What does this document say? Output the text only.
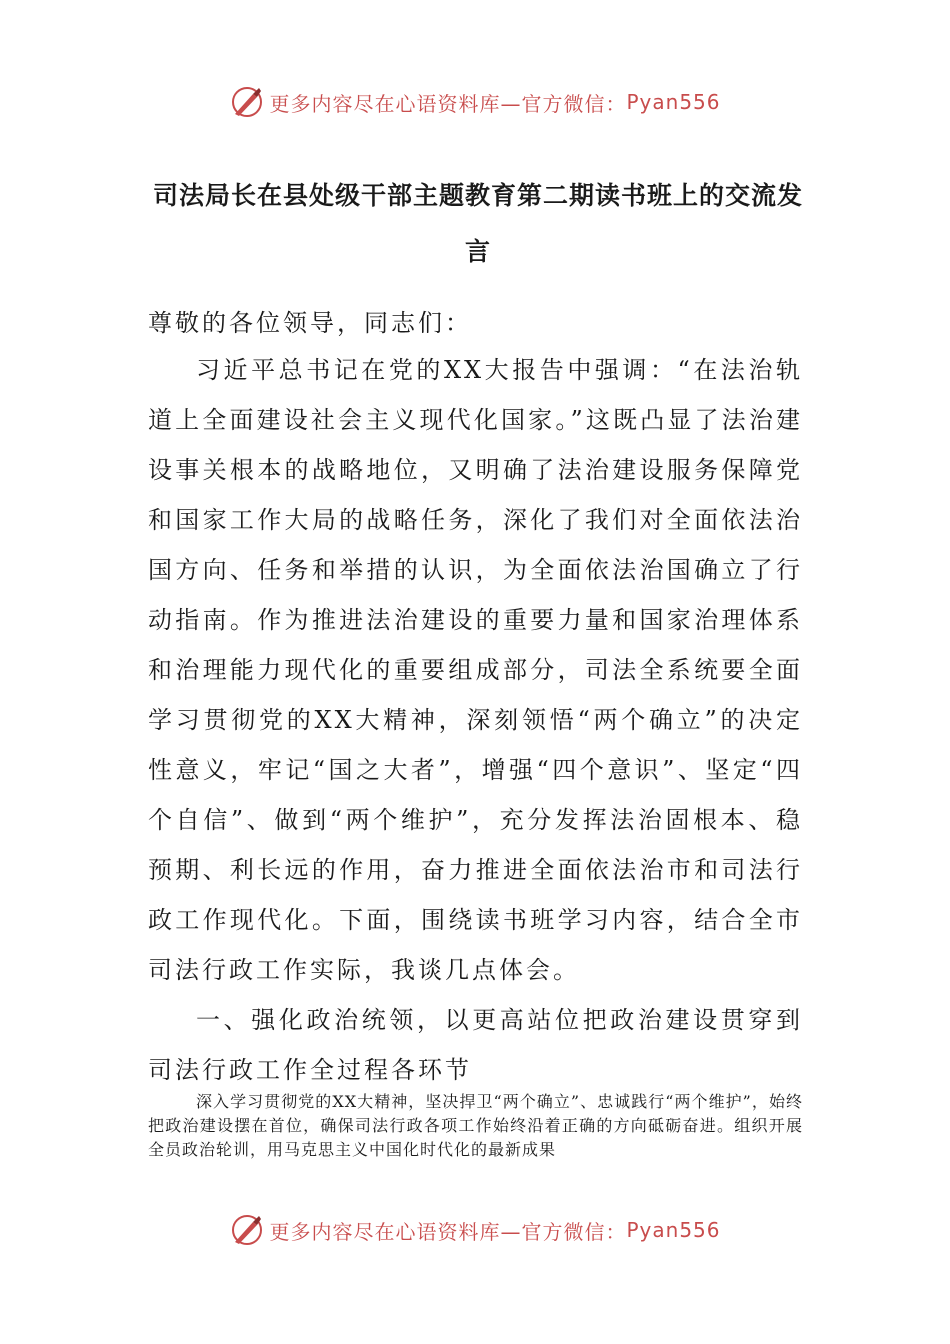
更多内容尽在心语资料库—官方微信： Pyan556
司法局长在县处级干部主题教育第二期读书班上的交流发言

尊敬的各位领导，同志们：

习近平总书记在党的XX大报告中强调：“在法治轨道上全面建设社会主义现代化国家。”这既凸显了法治建设事关根本的战略地位，又明确了法治建设服务保障党和国家工作大局的战略任务，深化了我们对全面依法治国方向、任务和举措的认识，为全面依法治国确立了行动指南。作为推进法治建设的重要力量和国家治理体系和治理能力现代化的重要组成部分，司法全系统要全面学习贯彻党的XX大精神，深刻领悟“两个确立”的决定性意义，牢记“国之大者”，增强“四个意识”、坚定“四个自信”、做到“两个维护”，充分发挥法治固根本、稳预期、利长远的作用，奋力推进全面依法治市和司法行政工作现代化。下面，围绕读书班学习内容，结合全市司法行政工作实际，我谈几点体会。

一、强化政治统领，以更高站位把政治建设贯穿到司法行政工作全过程各环节

深入学习贯彻党的XX大精神，坚决捍卫“两个确立”、忠诚践行“两个维护”，始终把政治建设摆在首位，确保司法行政各项工作始终沿着正确的方向砥砺奋进。组织开展全员政治轮训，用马克思主义中国化时代化的最新成果

更多内容尽在心语资料库—官方微信： Pyan556
